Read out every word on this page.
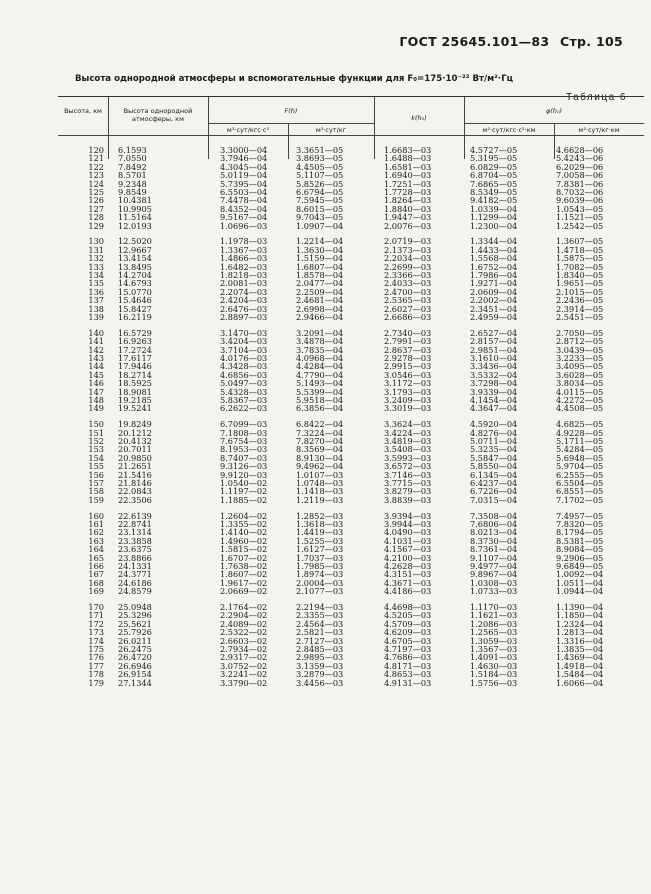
ГОСТ 25645.101—83 Стр. 105
Высота однородной атмосферы и вспомогательные функции для F₀=175·10⁻²² Вт/м²·Гц
Таблица 6
Высота, км	Высота однородной атмосферы, км
F(h)
м³·сут/кгс·с²	м³·сут/кг
k(h₀)
φ(h₀)
м³·сут/кгс·с²·км	м³·сут/кг·км
120 6.1593	3.3000—04	3.3651—05	1.6683—03	4.5727—05	4.6628—06
121 7.0550	3.7946—04	3.8693—05	1.6488—03	5.3195—05	5.4243—06
122 7.8492	4.3045—04	4.4505—05	1.6581—03	6.0829—05	6.2029—06
123 8.5701	5.0119—04	5.1107—05	1.6940—03	6.8704—05	7.0058—06
124 9.2348	5.7395—04	5.8526—05	1.7251—03	7.6865—05	7.8381—06
125 9.8549	6.5503—04	6.6794—05	1.7728—03	8.5349—05	8.7032—06
126 10.4381	7.4478—04	7.5945—05	1.8264—03	9.4182—05	9.6039—06
127 10.9905	8.4352—04	8.6015—05	1.8840—03	1.0339—04	1.0543—05
128 11.5164	9.5167—04	9.7043—05	1.9447—03	1.1299—04	1.1521—05
129 12.0193	1.0696—03	1.0907—04	2.0076—03	1.2300—04	1.2542—05
130 12.5020	1.1978—03	1.2214—04	2.0719—03	1.3344—04	1.3607—05
131 12.9667	1.3367—03	1.3630—04	2.1373—03	1.4433—04	1.4718—05
132 13.4154	1.4866—03	1.5159—04	2.2034—03	1.5568—04	1.5875—05
133 13.8495	1.6482—03	1.6807—04	2.2699—03	1.6752—04	1.7082—05
134 14.2704	1.8218—03	1.8578—04	2.3366—03	1.7986—04	1.8340—05
135 14.6793	2.0081—03	2.0477—04	2.4033—03	1.9271—04	1.9651—05
136 15.0770	2.2074—03	2.2509—04	2.4700—03	2.0609—04	2.1015—05
137 15.4646	2.4204—03	2.4681—04	2.5365—03	2.2002—04	2.2436—05
138 15.8427	2.6476—03	2.6998—04	2.6027—03	2.3451—04	2.3914—05
139 16.2119	2.8897—03	2.9466—04	2.6686—03	2.4959—04	2.5451—05
140 16.5729	3.1470—03	3.2091—04	2.7340—03	2.6527—04	2.7050—05
141 16.9263	3.4204—03	3.4878—04	2.7991—03	2.8157—04	2.8712—05
142 17.2724	3.7104—03	3.7835—04	2.8637—03	2.9851—04	3.0439—05
143 17.6117	4.0176—03	4.0968—04	2.9278—03	3.1610—04	3.2233—05
144 17.9446	4.3428—03	4.4284—04	2.9915—03	3.3436—04	3.4095—05
145 18.2714	4.6856—03	4.7790—04	3.0546—03	3.5332—04	3.6028—05
146 18.5925	5.0497—03	5.1493—04	3.1172—03	3.7298—04	3.8034—05
147 18.9081	5.4328—03	5.5399—04	3.1793—03	3.9339—04	4.0115—05
148 19.2185	5.8367—03	5.9518—04	3.2409—03	4.1454—04	4.2272—05
149 19.5241	6.2622—03	6.3856—04	3.3019—03	4.3647—04	4.4508—05
150 19.8249	6.7099—03	6.8422—04	3.3624—03	4.5920—04	4.6825—05
151 20.1212	7.1808—03	7.3224—04	3.4224—03	4.8276—04	4.9228—05
152 20.4132	7.6754—03	7.8270—04	3.4819—03	5.0711—04	5.1711—05
153 20.7011	8.1953—03	8.3569—04	3.5408—03	5.3235—04	5.4284—05
154 20.9850	8.7407—03	8.9130—04	3.5993—03	5.5847—04	5.6948—05
155 21.2651	9.3126—03	9.4962—04	3.6572—03	5.8550—04	5.9704—05
156 21.5416	9.9120—03	1.0107—03	3.7146—03	6.1345—04	6.2555—05
157 21.8146	1.0540—02	1.0748—03	3.7715—03	6.4237—04	6.5504—05
158 22.0843	1.1197—02	1.1418—03	3.8279—03	6.7226—04	6.8551—05
159 22.3506	1.1885—02	1.2119—03	3.8839—03	7.0315—04	7.1702—05
160 22.6139	1.2604—02	1.2852—03	3.9394—03	7.3508—04	7.4957—05
161 22.8741	1.3355—02	1.3618—03	3.9944—03	7.6806—04	7.8320—05
162 23.1314	1.4140—02	1.4419—03	4.0490—03	8.0213—04	8.1794—05
163 23.3858	1.4960—02	1.5255—03	4.1031—03	8.3730—04	8.5381—05
164 23.6375	1.5815—02	1.6127—03	4.1567—03	8.7361—04	8.9084—05
165 23.8866	1.6707—02	1.7037—03	4.2100—03	9.1107—04	9.2906—05
166 24.1331	1.7638—02	1.7985—03	4.2628—03	9.4977—04	9.6849—05
167 24.3771	1.8607—02	1.8974—03	4.3151—03	9.8967—04	1.0092—04
168 24.6186	1.9617—02	2.0004—03	4.3671—03	1.0308—03	1.0511—04
169 24.8579	2.0669—02	2.1077—03	4.4186—03	1.0733—03	1.0944—04
170 25.0948	2.1764—02	2.2194—03	4.4698—03	1.1170—03	1.1390—04
171 25.3296	2.2904—02	2.3355—03	4.5205—03	1.1621—03	1.1850—04
172 25.5621	2.4089—02	2.4564—03	4.5709—03	1.2086—03	1.2324—04
173 25.7926	2.5322—02	2.5821—03	4.6209—03	1.2565—03	1.2813—04
174 26.0211	2.6603—02	2.7127—03	4.6705—03	1.3059—03	1.3316—04
175 26.2475	2.7934—02	2.8485—03	4.7197—03	1.3567—03	1.3835—04
176 26.4720	2.9317—02	2.9895—03	4.7686—03	1.4091—03	1.4369—04
177 26.6946	3.0752—02	3.1359—03	4.8171—03	1.4630—03	1.4918—04
178 26.9154	3.2241—02	3.2879—03	4.8653—03	1.5184—03	1.5484—04
179 27.1344	3.3790—02	3.4456—03	4.9131—03	1.5756—03	1.6066—04
